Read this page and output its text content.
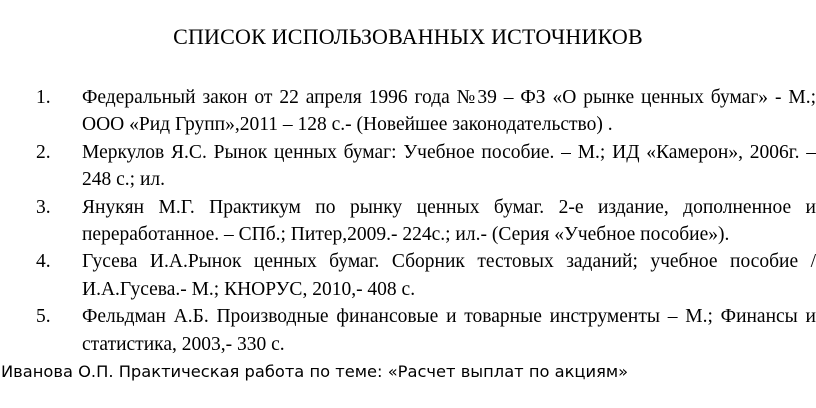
СПИСОК ИСПОЛЬЗОВАННЫХ ИСТОЧНИКОВ
1.	Федеральный закон от 22 апреля 1996 года №39 – ФЗ «О рынке ценных бумаг» - М.; ООО «Рид Групп»,2011 – 128 с.- (Новейшее законодательство) .
2.	Меркулов Я.С. Рынок ценных бумаг: Учебное пособие. – М.; ИД «Камерон», 2006г. – 248 с.; ил.
3.	Янукян М.Г. Практикум по рынку ценных бумаг. 2-е издание, дополненное и переработанное. – СПб.; Питер,2009.- 224с.; ил.- (Серия «Учебное пособие»).
4.	Гусева И.А.Рынок ценных бумаг. Сборник тестовых заданий; учебное пособие / И.А.Гусева.- М.; КНОРУС, 2010,- 408 с.
5.	Фельдман А.Б. Производные финансовые и товарные инструменты – М.; Финансы и статистика, 2003,- 330 с.
Иванова О.П. Практическая работа по теме: «Расчет выплат по акциям»
